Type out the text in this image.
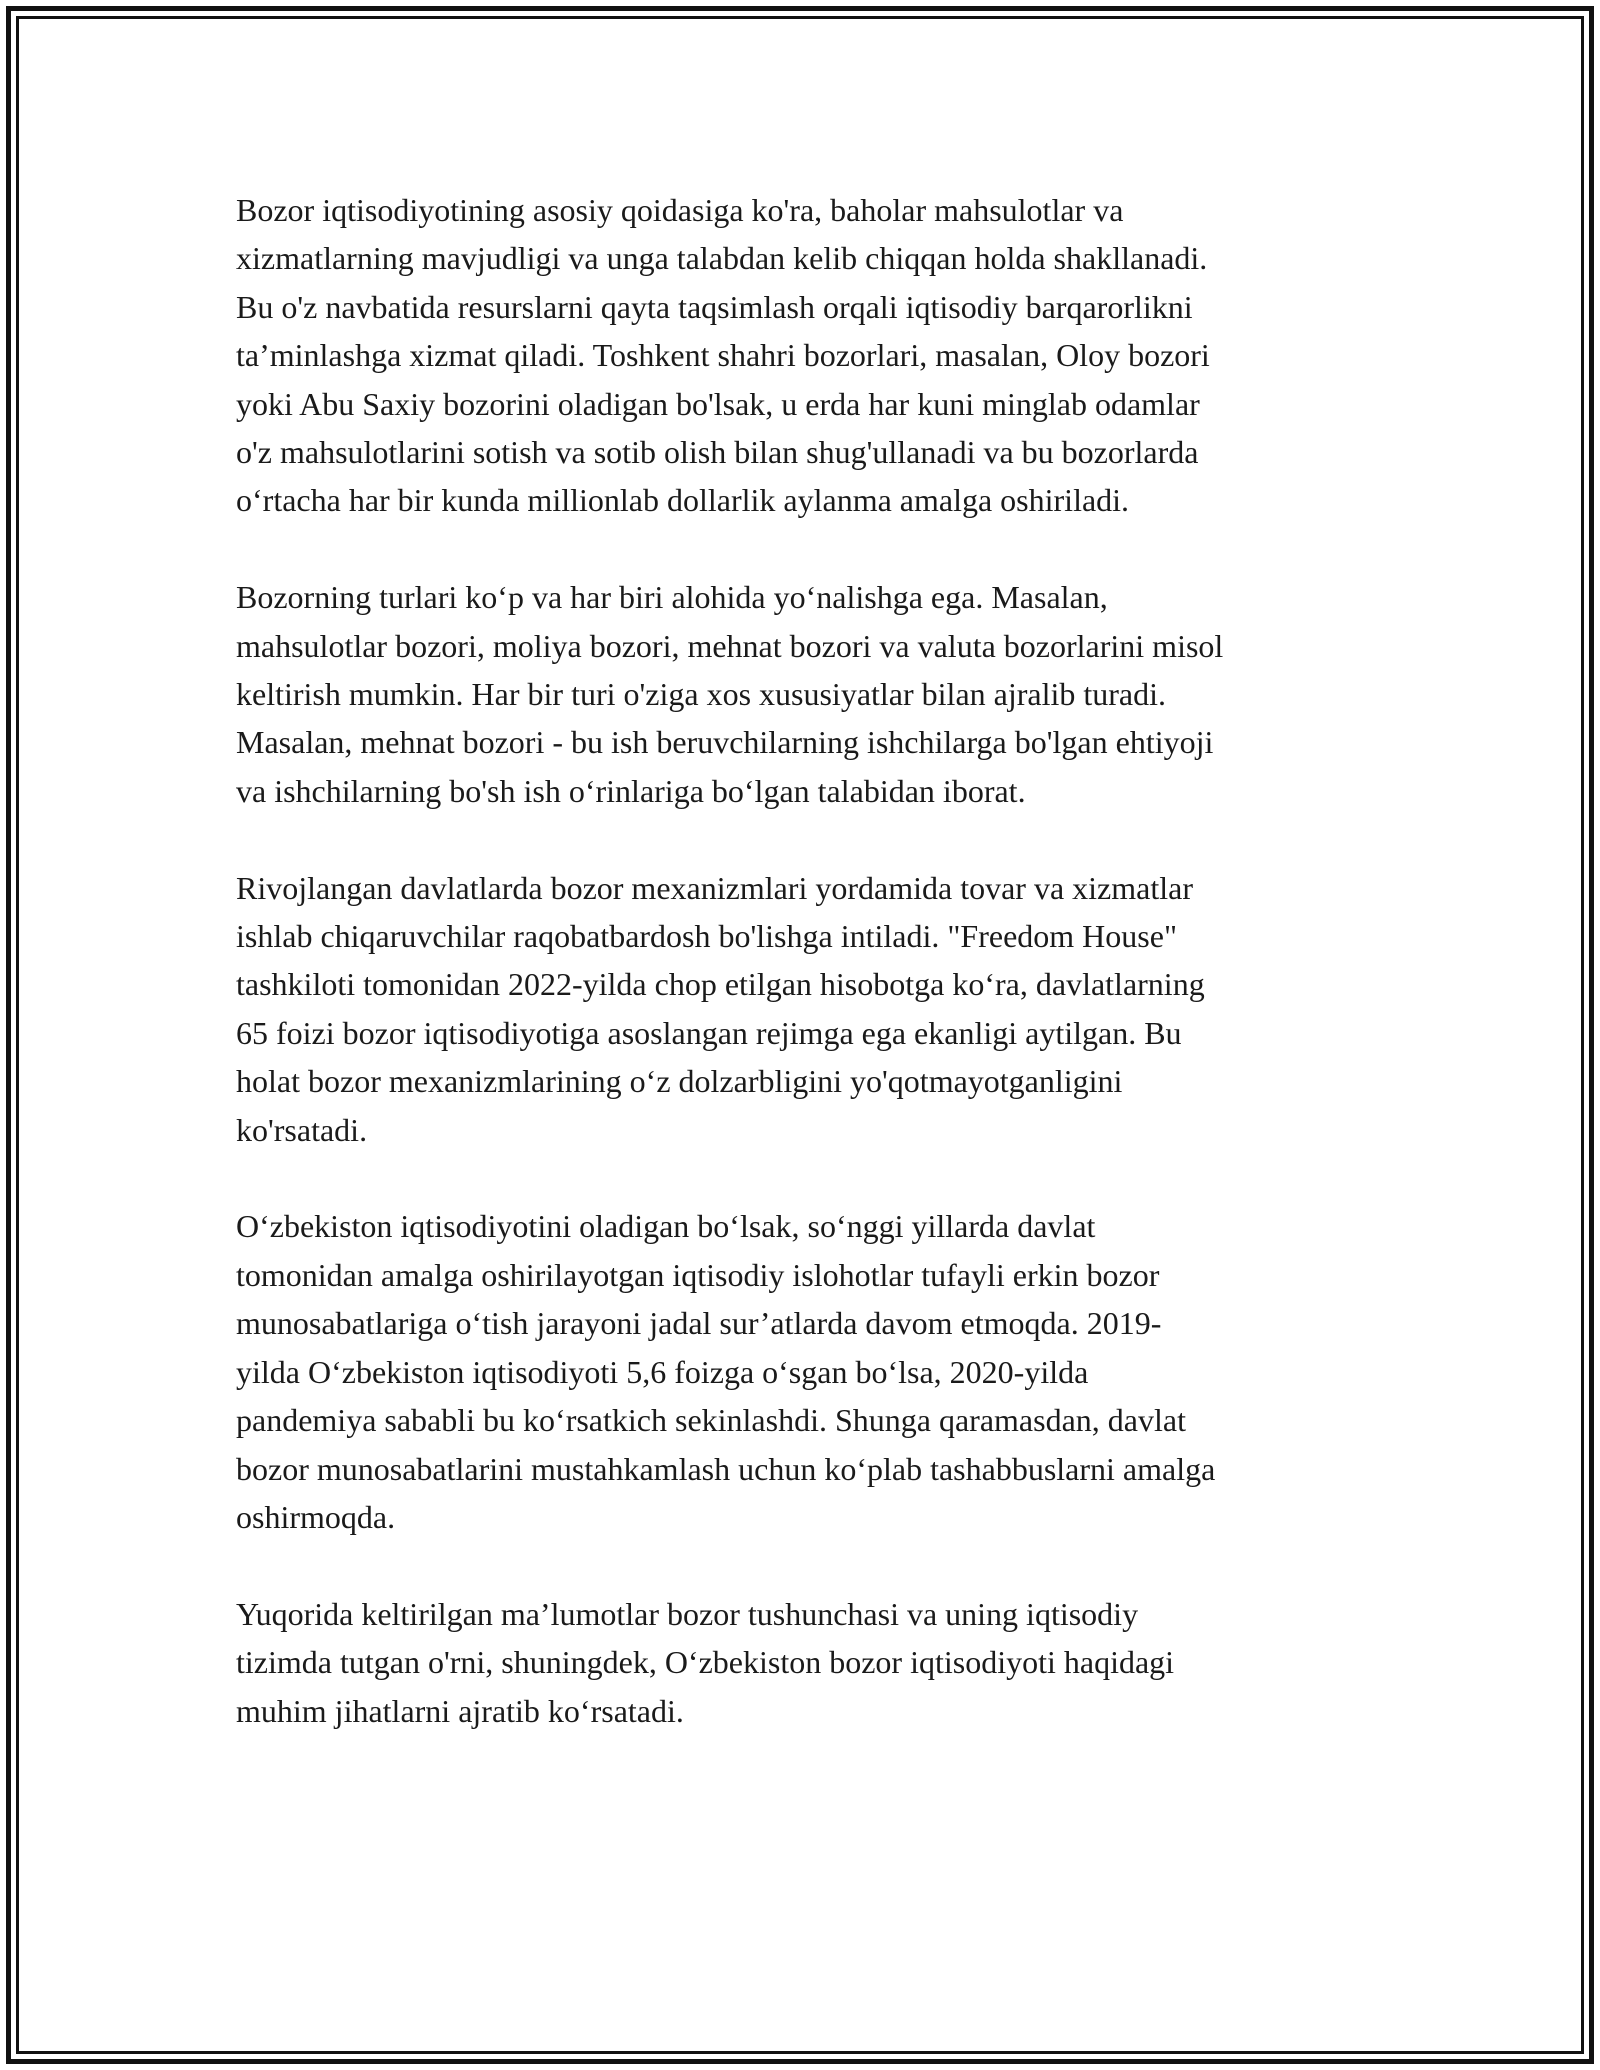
Bozor iqtisodiyotining asosiy qoidasiga ko'ra, baholar mahsulotlar va
xizmatlarning mavjudligi va unga talabdan kelib chiqqan holda shakllanadi.
Bu o'z navbatida resurslarni qayta taqsimlash orqali iqtisodiy barqarorlikni
ta’minlashga xizmat qiladi. Toshkent shahri bozorlari, masalan, Oloy bozori
yoki Abu Saxiy bozorini oladigan bo'lsak, u erda har kuni minglab odamlar
o'z mahsulotlarini sotish va sotib olish bilan shug'ullanadi va bu bozorlarda
o‘rtacha har bir kunda millionlab dollarlik aylanma amalga oshiriladi.

Bozorning turlari ko‘p va har biri alohida yo‘nalishga ega. Masalan,
mahsulotlar bozori, moliya bozori, mehnat bozori va valuta bozorlarini misol
keltirish mumkin. Har bir turi o'ziga xos xususiyatlar bilan ajralib turadi.
Masalan, mehnat bozori - bu ish beruvchilarning ishchilarga bo'lgan ehtiyoji
va ishchilarning bo'sh ish o‘rinlariga bo‘lgan talabidan iborat.

Rivojlangan davlatlarda bozor mexanizmlari yordamida tovar va xizmatlar
ishlab chiqaruvchilar raqobatbardosh bo'lishga intiladi. "Freedom House"
tashkiloti tomonidan 2022-yilda chop etilgan hisobotga ko‘ra, davlatlarning
65 foizi bozor iqtisodiyotiga asoslangan rejimga ega ekanligi aytilgan. Bu
holat bozor mexanizmlarining o‘z dolzarbligini yo'qotmayotganligini
ko'rsatadi.

O‘zbekiston iqtisodiyotini oladigan bo‘lsak, so‘nggi yillarda davlat
tomonidan amalga oshirilayotgan iqtisodiy islohotlar tufayli erkin bozor
munosabatlariga o‘tish jarayoni jadal sur’atlarda davom etmoqda. 2019-
yilda O‘zbekiston iqtisodiyoti 5,6 foizga o‘sgan bo‘lsa, 2020-yilda
pandemiya sababli bu ko‘rsatkich sekinlashdi. Shunga qaramasdan, davlat
bozor munosabatlarini mustahkamlash uchun ko‘plab tashabbuslarni amalga
oshirmoqda.

Yuqorida keltirilgan ma’lumotlar bozor tushunchasi va uning iqtisodiy
tizimda tutgan o'rni, shuningdek, O‘zbekiston bozor iqtisodiyoti haqidagi
muhim jihatlarni ajratib ko‘rsatadi.
